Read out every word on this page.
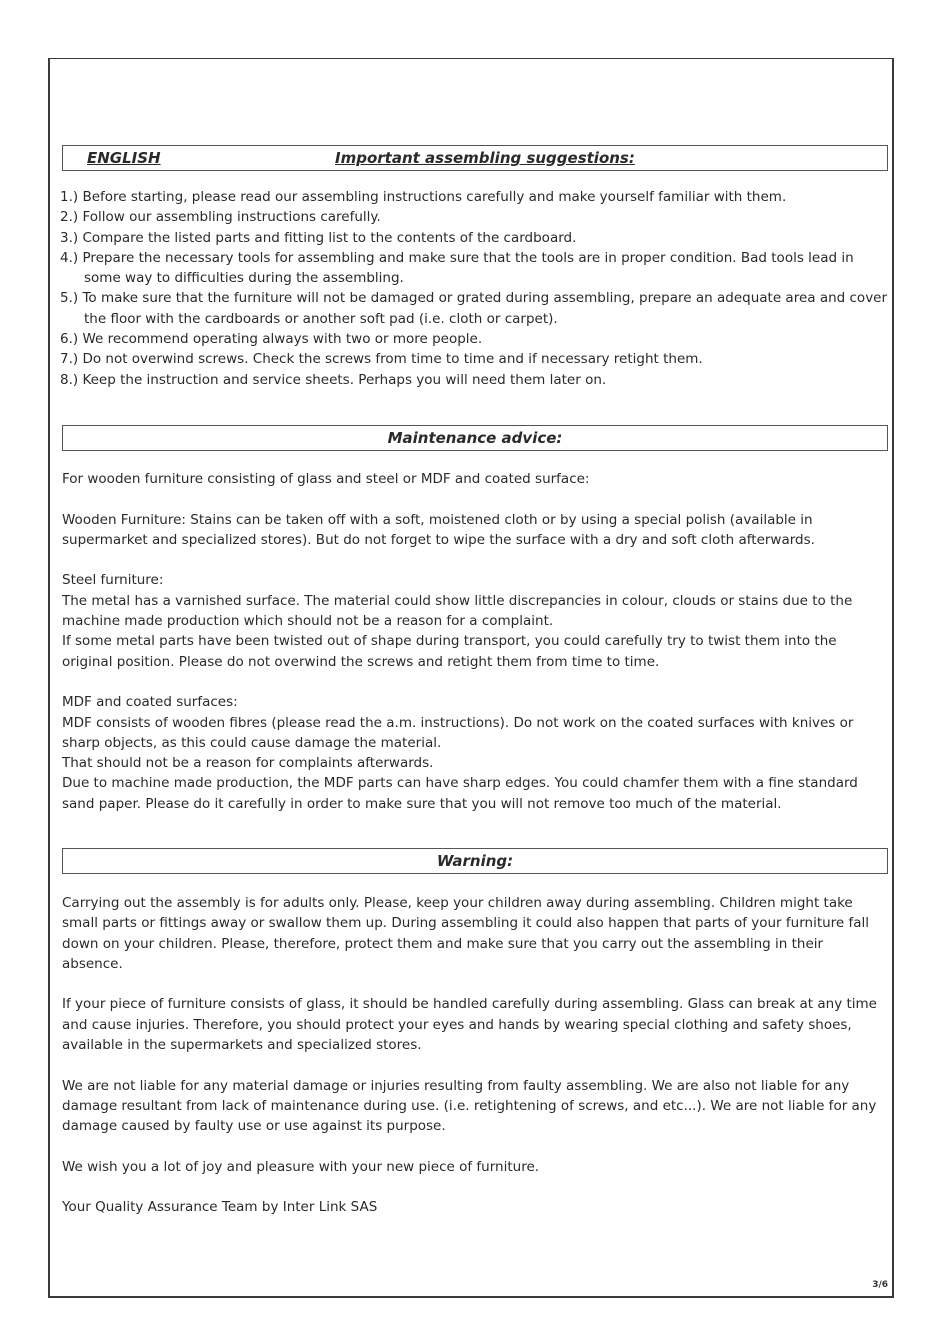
ENGLISH	Important assembling suggestions:
1.) Before starting, please read our assembling instructions carefully and make yourself familiar with them.
2.) Follow our assembling instructions carefully.
3.) Compare the listed parts and fitting list to the contents of the cardboard.
4.) Prepare the necessary tools for assembling and make sure that the tools are in proper condition. Bad tools lead in some way to difficulties during the assembling.
5.) To make sure that the furniture will not be damaged or grated during assembling, prepare an adequate area and cover the floor with the cardboards or another soft pad (i.e. cloth or carpet).
6.) We recommend operating always with two or more people.
7.) Do not overwind screws. Check the screws from time to time and if necessary retight them.
8.) Keep the instruction and service sheets. Perhaps you will need them later on.
Maintenance advice:

For wooden furniture consisting of glass and steel or MDF and coated surface:

Wooden Furniture: Stains can be taken off with a soft, moistened cloth or by using a special polish (available in supermarket and specialized stores). But do not forget to wipe the surface with a dry and soft cloth afterwards.

Steel furniture:

The metal has a varnished surface. The material could show little discrepancies in colour, clouds or stains due to the machine made production which should not be a reason for a complaint.

If some metal parts have been twisted out of shape during transport, you could carefully try to twist them into the original position. Please do not overwind the screws and retight them from time to time.

MDF and coated surfaces:

MDF consists of wooden fibres (please read the a.m. instructions). Do not work on the coated surfaces with knives or sharp objects, as this could cause damage the material.

That should not be a reason for complaints afterwards.

Due to machine made production, the MDF parts can have sharp edges. You could chamfer them with a fine standard sand paper. Please do it carefully in order to make sure that you will not remove too much of the material.

Warning:

Carrying out the assembly is for adults only. Please, keep your children away during assembling. Children might take small parts or fittings away or swallow them up. During assembling it could also happen that parts of your furniture fall down on your children. Please, therefore, protect them and make sure that you carry out the assembling in their absence.

If your piece of furniture consists of glass, it should be handled carefully during assembling. Glass can break at any time and cause injuries. Therefore, you should protect your eyes and hands by wearing special clothing and safety shoes, available in the supermarkets and specialized stores.

We are not liable for any material damage or injuries resulting from faulty assembling. We are also not liable for any damage resultant from lack of maintenance during use. (i.e. retightening of screws, and etc...). We are not liable for any damage caused by faulty use or use against its purpose.

We wish you a lot of joy and pleasure with your new piece of furniture.

Your Quality Assurance Team by Inter Link SAS

3/6
